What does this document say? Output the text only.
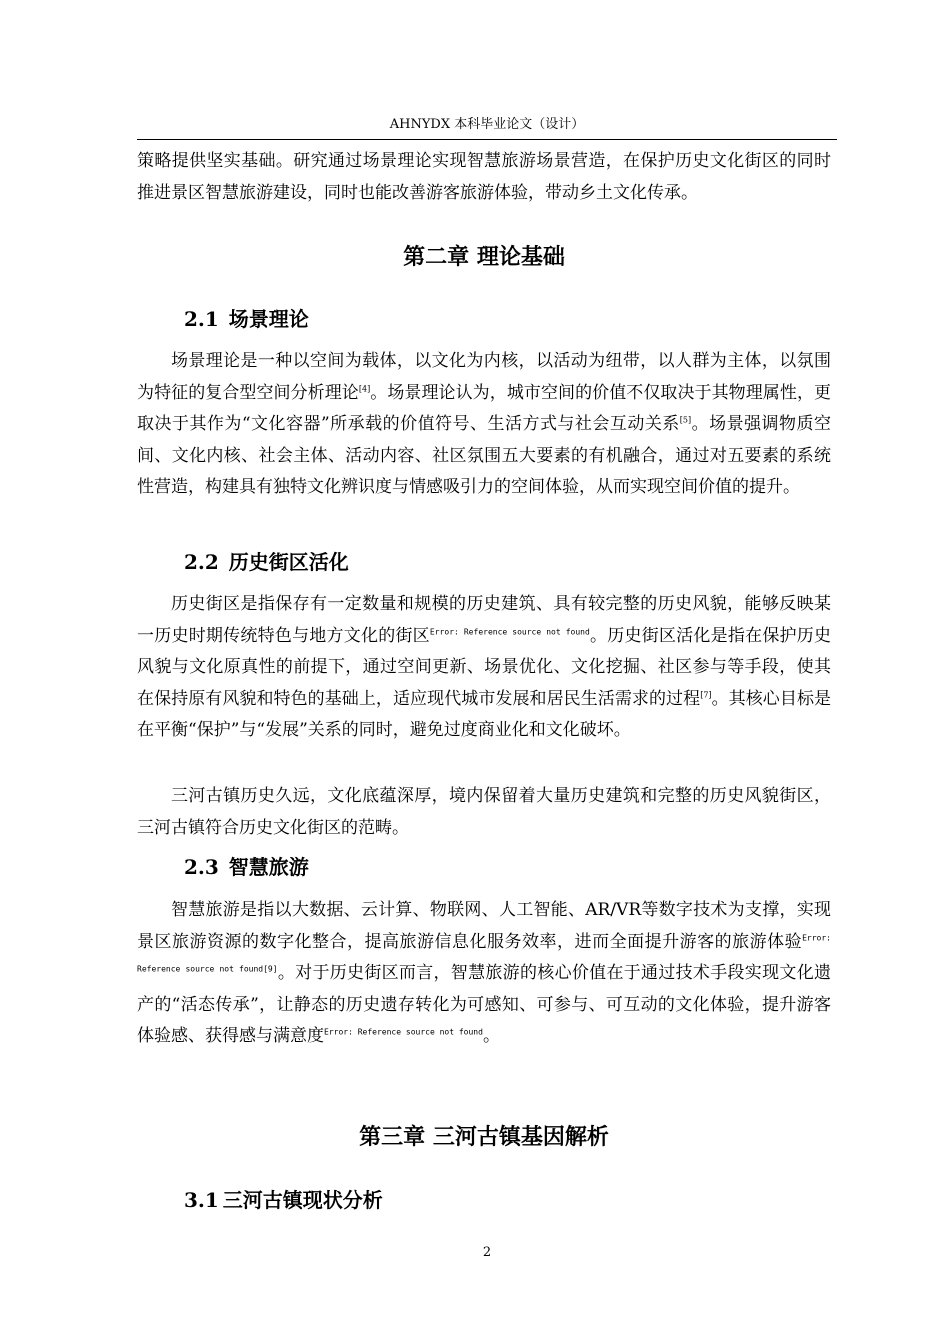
AHNYDX 本科毕业论文（设计）

策略提供坚实基础。研究通过场景理论实现智慧旅游场景营造，在保护历史文化街区的同时推进景区智慧旅游建设，同时也能改善游客旅游体验，带动乡土文化传承。

第二章 理论基础
2.1 场景理论

场景理论是一种以空间为载体，以文化为内核，以活动为纽带，以人群为主体，以氛围为特征的复合型空间分析理论[4]。场景理论认为，城市空间的价值不仅取决于其物理属性，更取决于其作为“文化容器”所承载的价值符号、生活方式与社会互动关系[5]。场景强调物质空间、文化内核、社会主体、活动内容、社区氛围五大要素的有机融合，通过对五要素的系统性营造，构建具有独特文化辨识度与情感吸引力的空间体验，从而实现空间价值的提升。

2.2 历史街区活化

历史街区是指保存有一定数量和规模的历史建筑、具有较完整的历史风貌，能够反映某一历史时期传统特色与地方文化的街区$^{Error: Reference source not found}$。历史街区活化是指在保护历史风貌与文化原真性的前提下，通过空间更新、场景优化、文化挖掘、社区参与等手段，使其在保持原有风貌和特色的基础上，适应现代城市发展和居民生活需求的过程[7]。其核心目标是在平衡“保护”与“发展”关系的同时，避免过度商业化和文化破坏。

三河古镇历史久远，文化底蕴深厚，境内保留着大量历史建筑和完整的历史风貌街区，三河古镇符合历史文化街区的范畴。

2.3 智慧旅游

智慧旅游是指以大数据、云计算、物联网、人工智能、AR/VR等数字技术为支撑，实现景区旅游资源的数字化整合，提高旅游信息化服务效率，进而全面提升游客的旅游体验$^{Error: Reference source not found[9]}$。对于历史街区而言，智慧旅游的核心价值在于通过技术手段实现文化遗产的“活态传承”，让静态的历史遗存转化为可感知、可参与、可互动的文化体验，提升游客体验感、获得感与满意度$^{Error: Reference source not found}$。

第三章 三河古镇基因解析
3.1 三河古镇现状分析
2
